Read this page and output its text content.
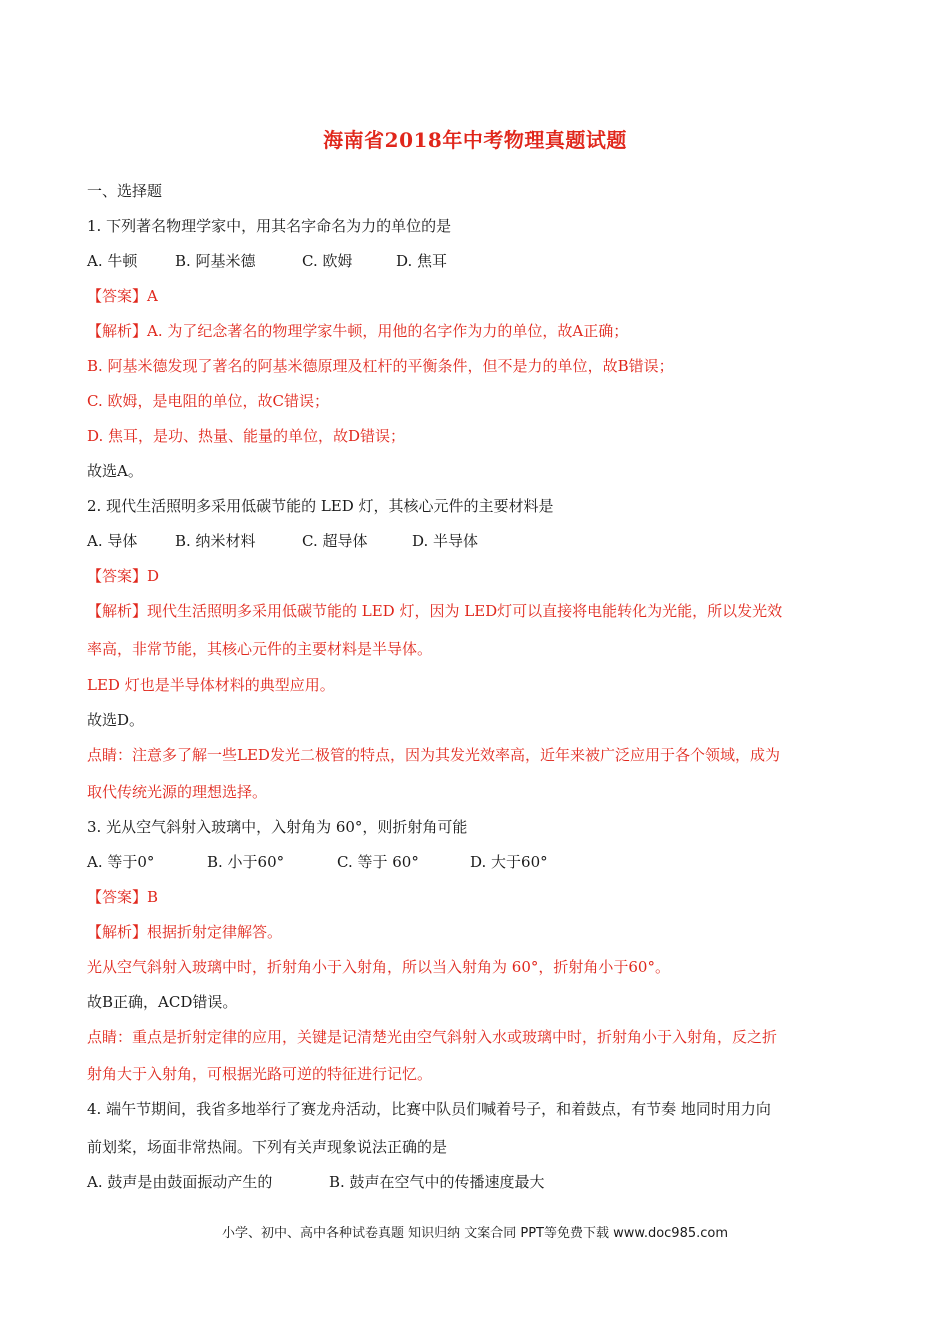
海南省2018年中考物理真题试题
一、选择题
1. 下列著名物理学家中，用其名字命名为力的单位的是
A. 牛顿	B. 阿基米德	C. 欧姆	D. 焦耳
【答案】A
【解析】A. 为了纪念著名的物理学家牛顿，用他的名字作为力的单位，故A正确；
B. 阿基米德发现了著名的阿基米德原理及杠杆的平衡条件，但不是力的单位，故B错误；
C. 欧姆，是电阻的单位，故C错误；
D. 焦耳，是功、热量、能量的单位，故D错误；
故选A。
2. 现代生活照明多采用低碳节能的 LED 灯，其核心元件的主要材料是
A. 导体	B. 纳米材料	C. 超导体	D. 半导体
【答案】D
【解析】现代生活照明多采用低碳节能的 LED 灯，因为 LED灯可以直接将电能转化为光能，所以发光效
率高，非常节能，其核心元件的主要材料是半导体。
LED 灯也是半导体材料的典型应用。
故选D。
点睛：注意多了解一些LED发光二极管的特点，因为其发光效率高，近年来被广泛应用于各个领域，成为
取代传统光源的理想选择。
3. 光从空气斜射入玻璃中，入射角为 60°，则折射角可能
A. 等于0°	B. 小于60°	C. 等于 60°	D. 大于60°
【答案】B
【解析】根据折射定律解答。
光从空气斜射入玻璃中时，折射角小于入射角，所以当入射角为 60°，折射角小于60°。
故B正确，ACD错误。
点睛：重点是折射定律的应用，关键是记清楚光由空气斜射入水或玻璃中时，折射角小于入射角，反之折
射角大于入射角，可根据光路可逆的特征进行记忆。
4. 端午节期间，我省多地举行了赛龙舟活动，比赛中队员们喊着号子，和着鼓点，有节奏 地同时用力向
前划桨，场面非常热闹。下列有关声现象说法正确的是
A. 鼓声是由鼓面振动产生的	B. 鼓声在空气中的传播速度最大
小学、初中、高中各种试卷真题 知识归纳 文案合同 PPT等免费下载 www.doc985.com
